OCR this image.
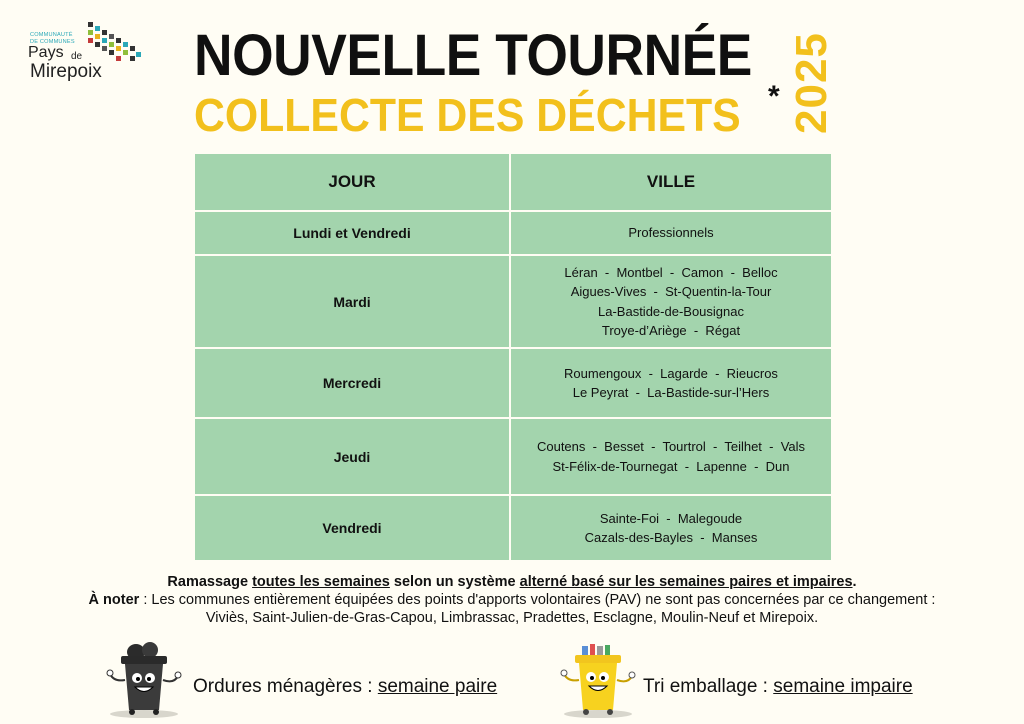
COMMUNAUTÉ
DE COMMUNES
Pays de
Mirepoix NOUVELLE TOURNÉE
COLLECTE DES DÉCHETS * 2025
JOUR	VILLE
Lundi et Vendredi	Professionnels

Mardi	Léran  -  Montbel  -  Camon  -  Belloc
Aigues-Vives  -  St-Quentin-la-Tour
La-Bastide-de-Bousignac
Troye-d’Ariège  -  Régat

Mercredi	Roumengoux  -  Lagarde  -  Rieucros
Le Peyrat  -  La-Bastide-sur-l’Hers

Jeudi	Coutens  -  Besset  -  Tourtrol  -  Teilhet  -  Vals
St-Félix-de-Tournegat  -  Lapenne  -  Dun

Vendredi	Sainte-Foi  -  Malegoude
Cazals-des-Bayles  -  Manses
Ramassage toutes les semaines selon un système alterné basé sur les semaines paires et impaires.
À noter : Les communes entièrement équipées des points d'apports volontaires (PAV) ne sont pas concernées par ce changement :
Viviès, Saint-Julien-de-Gras-Capou, Limbrassac, Pradettes, Esclagne, Moulin-Neuf et Mirepoix.
Ordures ménagères : semaine paire	Tri emballage : semaine impaire
